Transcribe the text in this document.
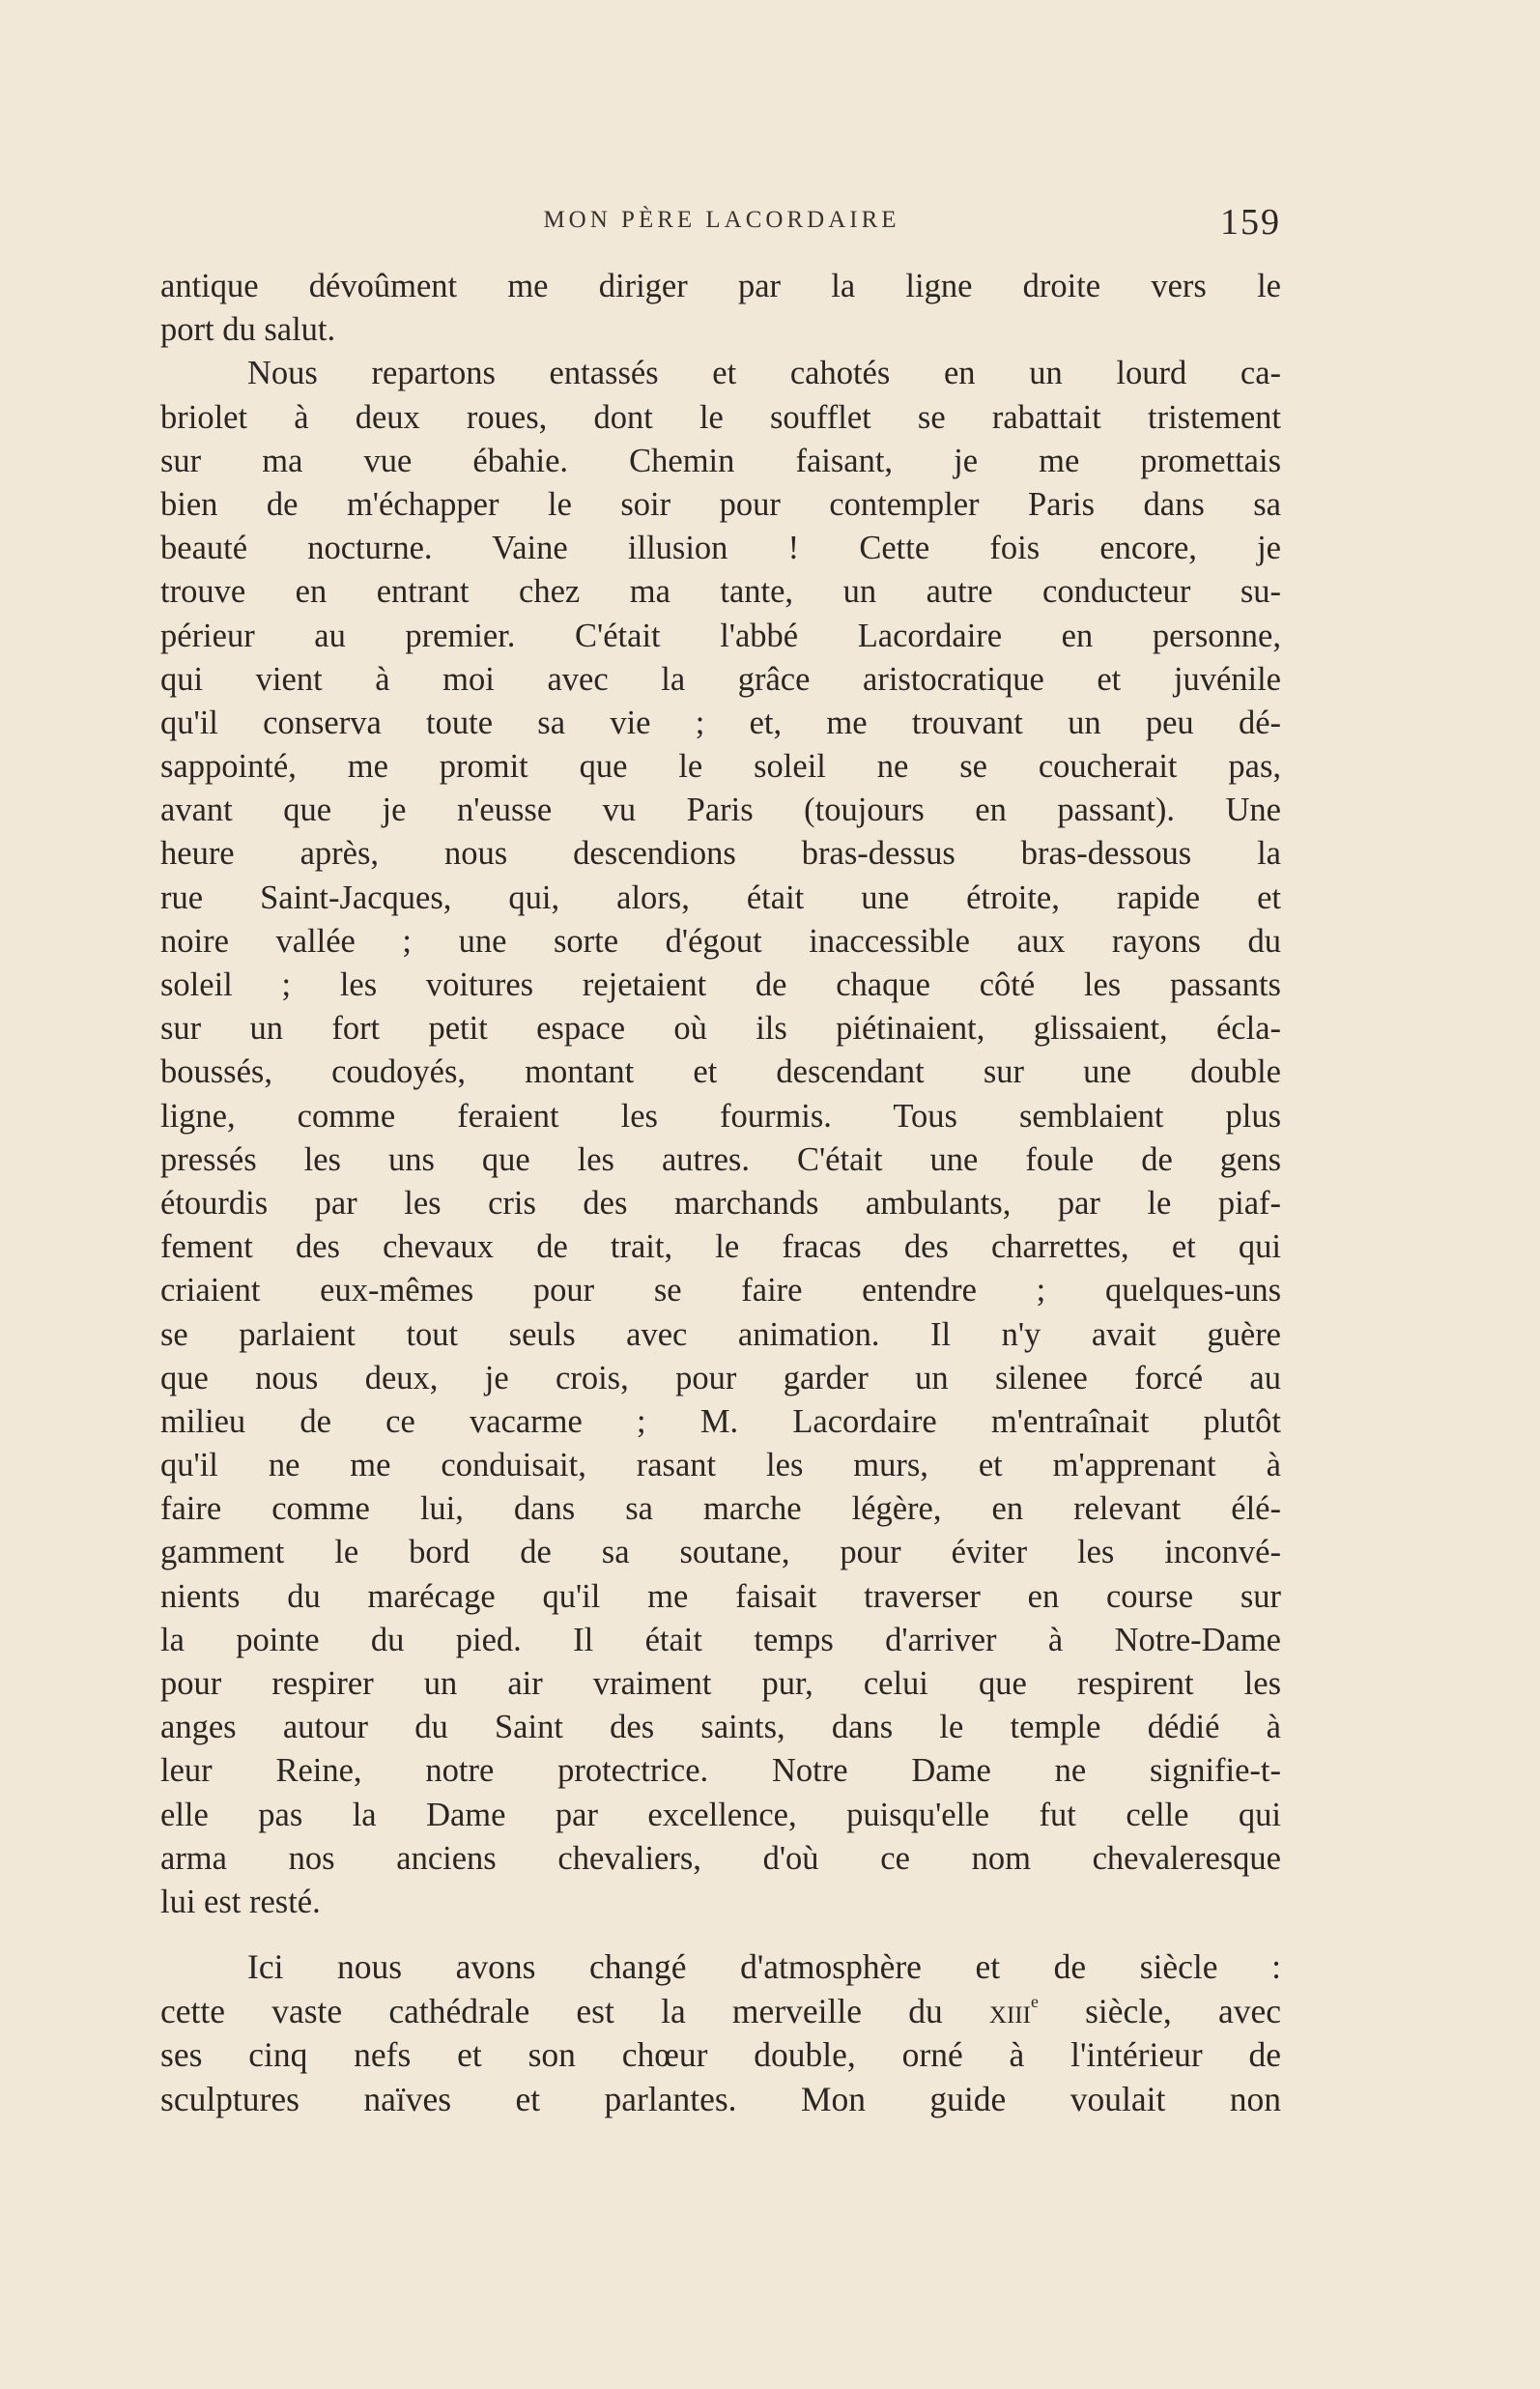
MON PÈRE LACORDAIRE	159
antique dévoûment me diriger par la ligne droite vers le
port du salut.
Nous repartons entassés et cahotés en un lourd ca-
briolet à deux roues, dont le soufflet se rabattait tristement
sur ma vue ébahie. Chemin faisant, je me promettais
bien de m'échapper le soir pour contempler Paris dans sa
beauté nocturne. Vaine illusion ! Cette fois encore, je
trouve en entrant chez ma tante, un autre conducteur su-
périeur au premier. C'était l'abbé Lacordaire en personne,
qui vient à moi avec la grâce aristocratique et juvénile
qu'il conserva toute sa vie ; et, me trouvant un peu dé-
sappointé, me promit que le soleil ne se coucherait pas,
avant que je n'eusse vu Paris (toujours en passant). Une
heure après, nous descendions bras-dessus bras-dessous la
rue Saint-Jacques, qui, alors, était une étroite, rapide et
noire vallée ; une sorte d'égout inaccessible aux rayons du
soleil ; les voitures rejetaient de chaque côté les passants
sur un fort petit espace où ils piétinaient, glissaient, écla-
boussés, coudoyés, montant et descendant sur une double
ligne, comme feraient les fourmis. Tous semblaient plus
pressés les uns que les autres. C'était une foule de gens
étourdis par les cris des marchands ambulants, par le piaf-
fement des chevaux de trait, le fracas des charrettes, et qui
criaient eux-mêmes pour se faire entendre ; quelques-uns
se parlaient tout seuls avec animation. Il n'y avait guère
que nous deux, je crois, pour garder un silenee forcé au
milieu de ce vacarme ; M. Lacordaire m'entraînait plutôt
qu'il ne me conduisait, rasant les murs, et m'apprenant à
faire comme lui, dans sa marche légère, en relevant élé-
gamment le bord de sa soutane, pour éviter les inconvé-
nients du marécage qu'il me faisait traverser en course sur
la pointe du pied. Il était temps d'arriver à Notre-Dame
pour respirer un air vraiment pur, celui que respirent les
anges autour du Saint des saints, dans le temple dédié à
leur Reine, notre protectrice. Notre Dame ne signifie-t-
elle pas la Dame par excellence, puisqu'elle fut celle qui
arma nos anciens chevaliers, d'où ce nom chevaleresque
lui est resté.
Ici nous avons changé d'atmosphère et de siècle :
cette vaste cathédrale est la merveille du xiii$^e$ siècle, avec
ses cinq nefs et son chœur double, orné à l'intérieur de
sculptures naïves et parlantes. Mon guide voulait non
